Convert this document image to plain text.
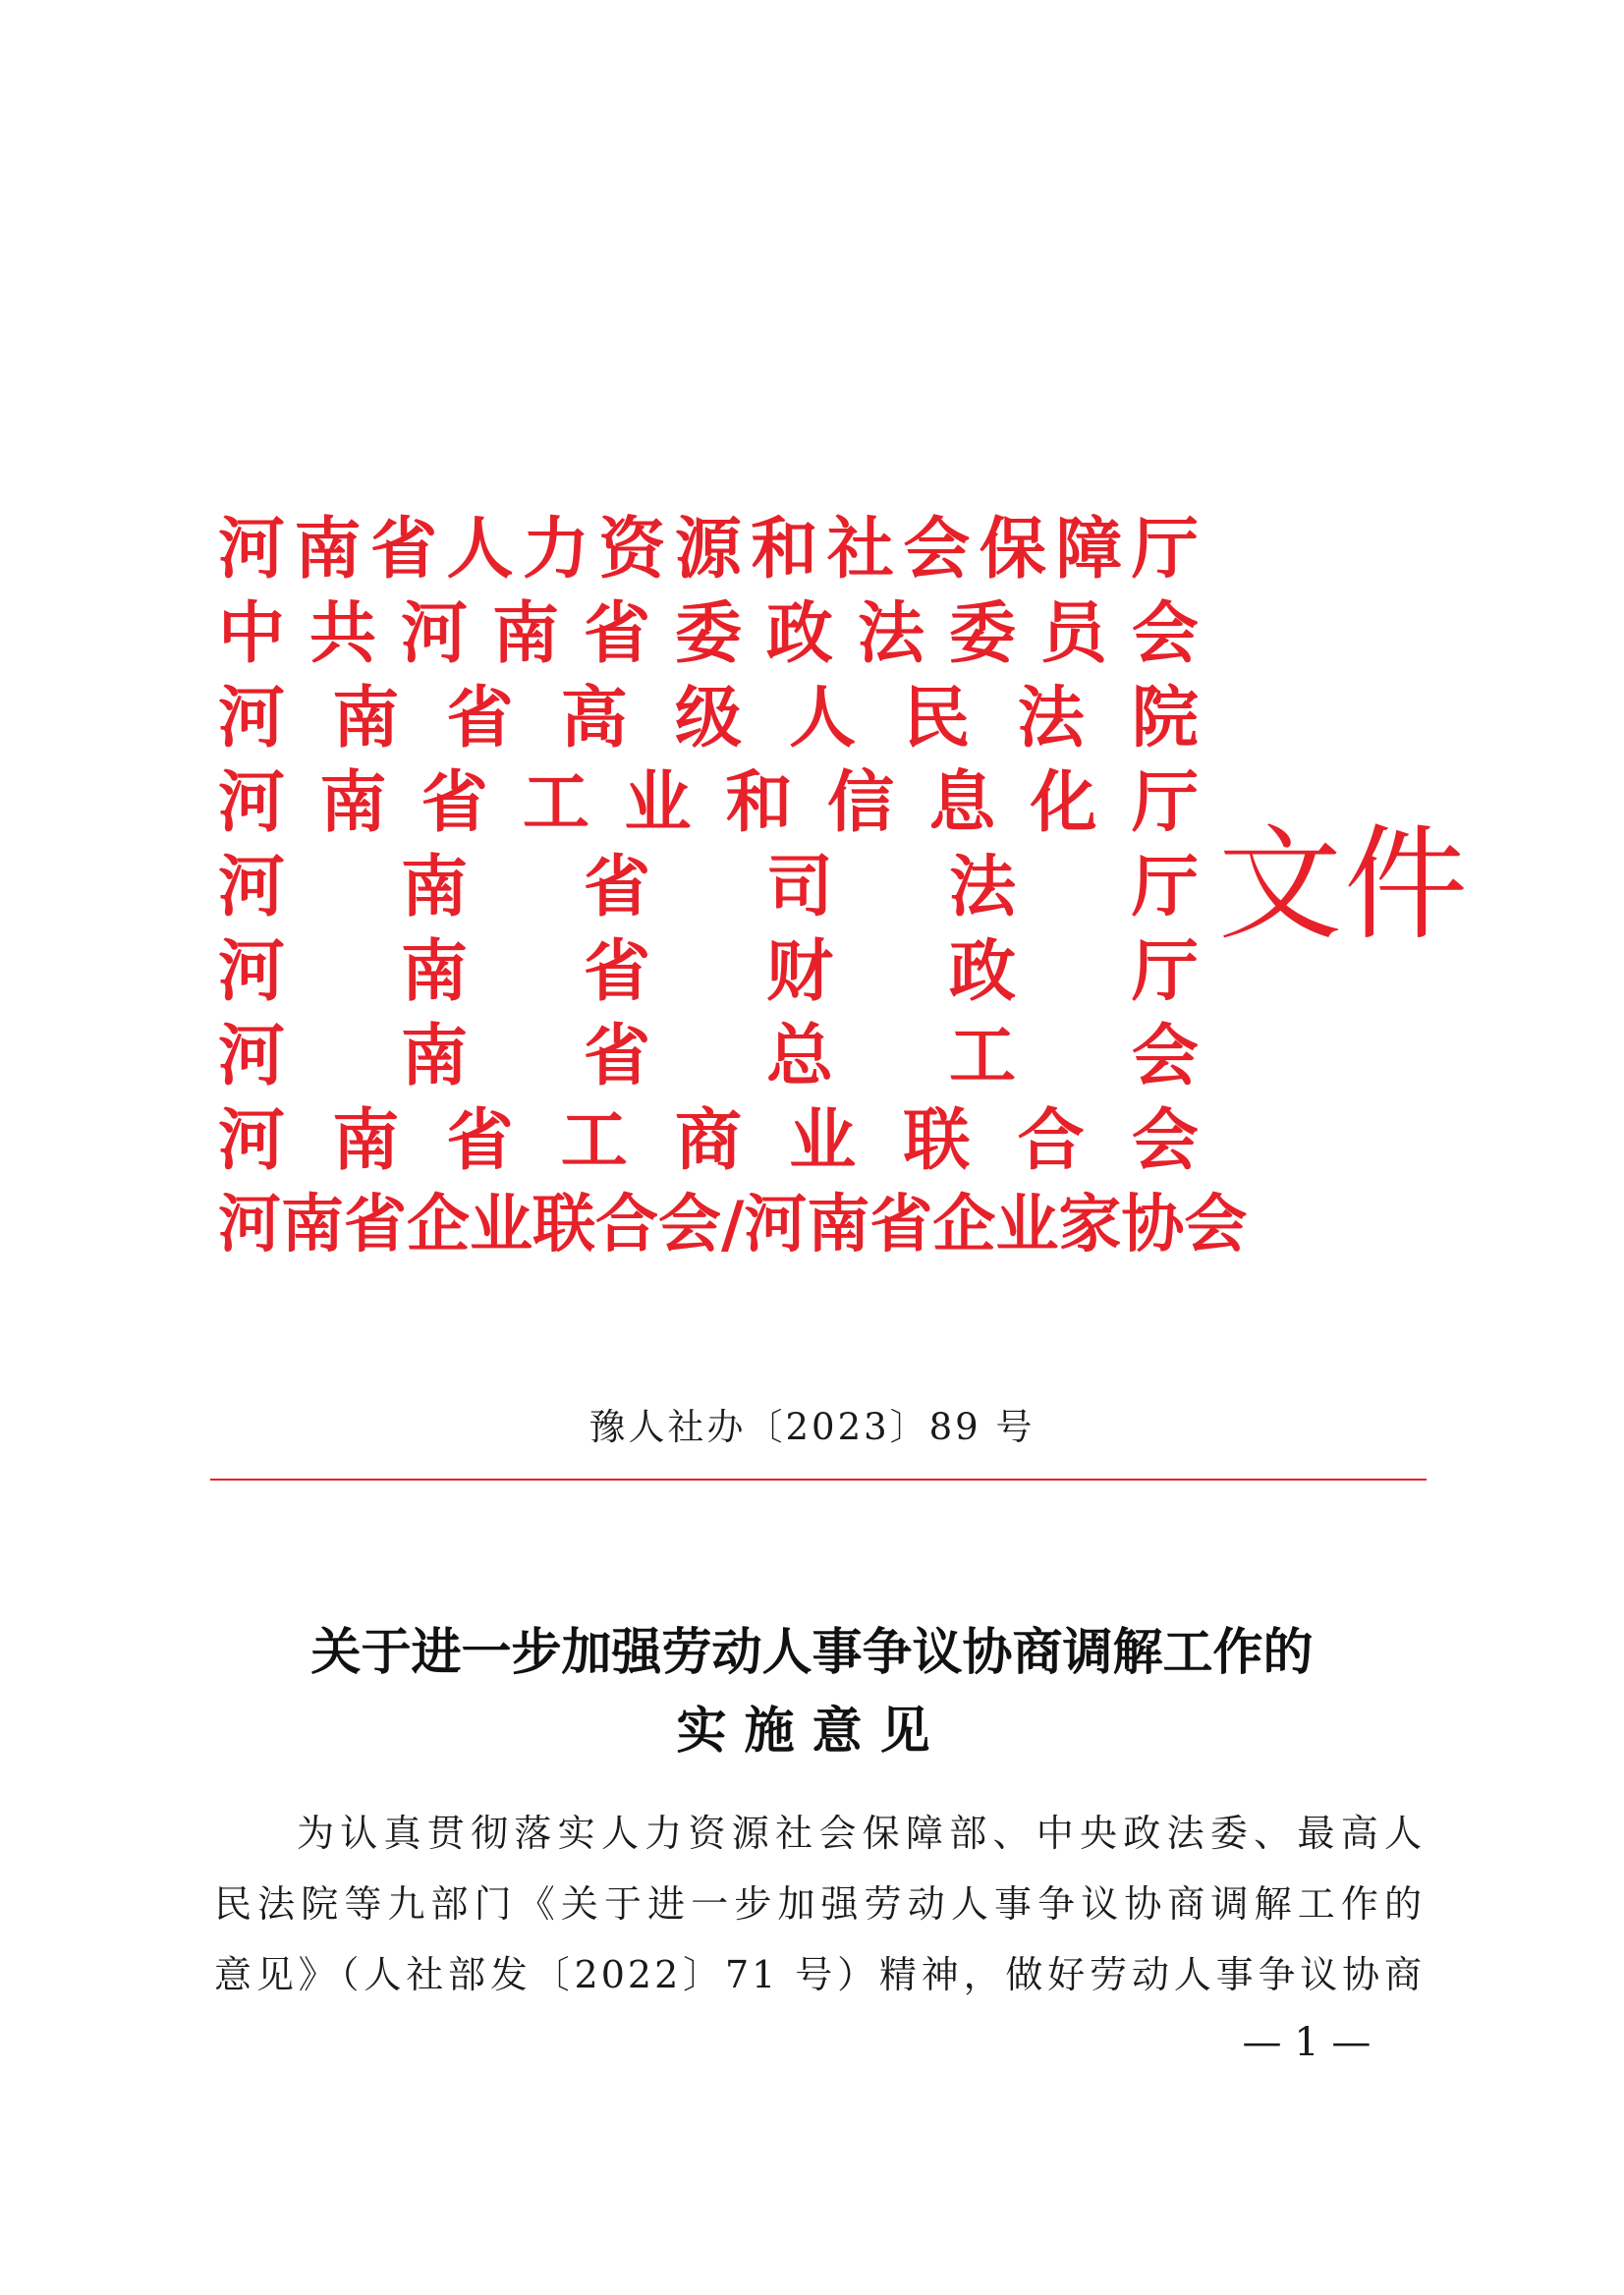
河 南 省 人 力 资 源 和 社 会 保 障 厅
中 共 河 南 省 委 政 法 委 员 会
河 南 省 高 级 人 民 法 院
河 南 省 工 业 和 信 息 化 厅
河 南 省 司 法 厅
河 南 省 财 政 厅
河 南 省 总 工 会
河 南 省 工 商 业 联 合 会
河南省企业联合会/河南省企业家协会
文件
豫人社办〔2023〕89 号
关于进一步加强劳动人事争议协商调解工作的
实施意见
为认真贯彻落实人力资源社会保障部、中央政法委、最高人
民法院等九部门《关于进一步加强劳动人事争议协商调解工作的
意见》（人社部发〔2022〕71 号）精神，做好劳动人事争议协商
— 1 —
